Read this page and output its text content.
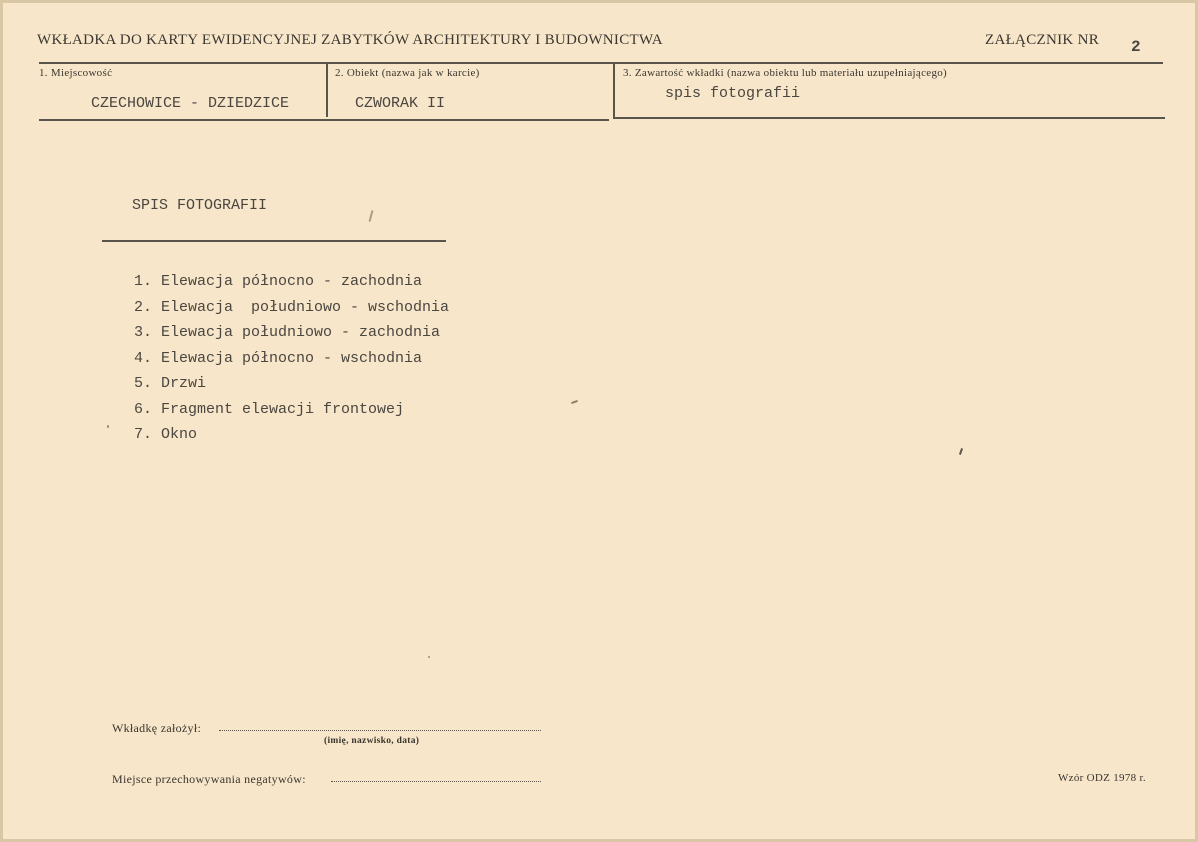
WKŁADKA DO KARTY EWIDENCYJNEJ ZABYTKÓW ARCHITEKTURY I BUDOWNICTWA	ZAŁĄCZNIK NR 2
1. Miejscowość	2. Obiekt (nazwa jak w karcie)	3. Zawartość wkładki (nazwa obiektu lub materiału uzupełniającego)
CZECHOWICE - DZIEDZICE	CZWORAK II
spis fotografii
SPIS FOTOGRAFII
1. Elewacja północno - zachodnia
2. Elewacja  południowo - wschodnia
3. Elewacja południowo - zachodnia
4. Elewacja północno - wschodnia
5. Drzwi
6. Fragment elewacji frontowej
7. Okno
Wkładkę założył:
(imię, nazwisko, data)
Miejsce przechowywania negatywów:	Wzór ODZ 1978 r.
